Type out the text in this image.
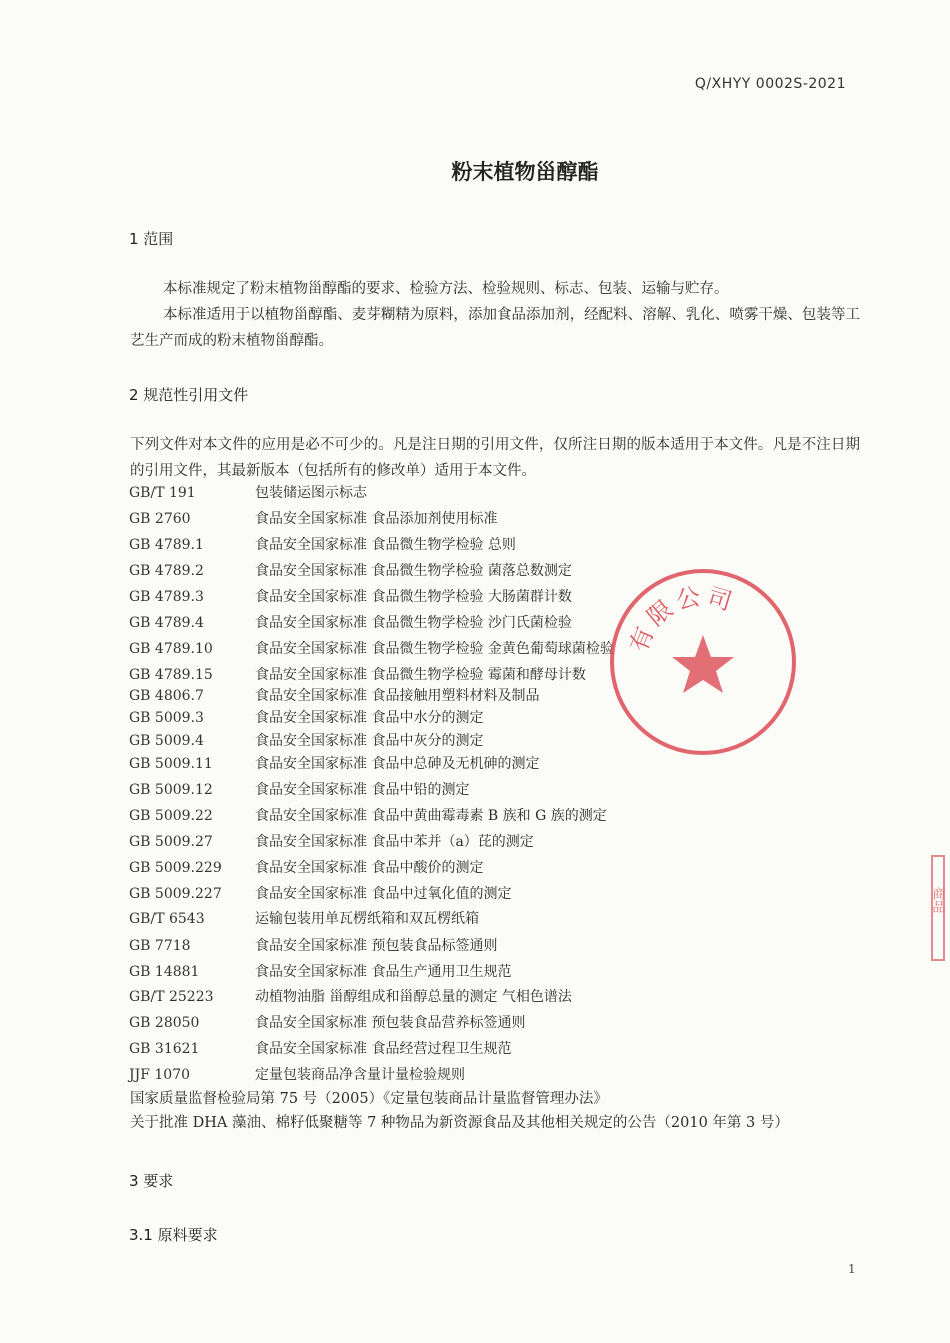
Q/XHYY 0002S-2021
粉末植物甾醇酯
1 范围
本标准规定了粉末植物甾醇酯的要求、检验方法、检验规则、标志、包装、运输与贮存。
本标准适用于以植物甾醇酯、麦芽糊精为原料，添加食品添加剂，经配料、溶解、乳化、喷雾干燥、包装等工艺生产而成的粉末植物甾醇酯。
2 规范性引用文件
下列文件对本文件的应用是必不可少的。凡是注日期的引用文件，仅所注日期的版本适用于本文件。凡是不注日期的引用文件，其最新版本（包括所有的修改单）适用于本文件。
GB/T 191	包装储运图示标志
GB 2760	食品安全国家标准 食品添加剂使用标准
GB 4789.1	食品安全国家标准 食品微生物学检验 总则
GB 4789.2	食品安全国家标准 食品微生物学检验 菌落总数测定
GB 4789.3	食品安全国家标准 食品微生物学检验 大肠菌群计数
GB 4789.4	食品安全国家标准 食品微生物学检验 沙门氏菌检验
GB 4789.10	食品安全国家标准 食品微生物学检验 金黄色葡萄球菌检验
GB 4789.15	食品安全国家标准 食品微生物学检验 霉菌和酵母计数
GB 4806.7	食品安全国家标准 食品接触用塑料材料及制品
GB 5009.3	食品安全国家标准 食品中水分的测定
GB 5009.4	食品安全国家标准 食品中灰分的测定
GB 5009.11	食品安全国家标准 食品中总砷及无机砷的测定
GB 5009.12	食品安全国家标准 食品中铅的测定
GB 5009.22	食品安全国家标准 食品中黄曲霉毒素 B 族和 G 族的测定
GB 5009.27	食品安全国家标准 食品中苯并（a）芘的测定
GB 5009.229 食品安全国家标准 食品中酸价的测定
GB 5009.227 食品安全国家标准 食品中过氧化值的测定
GB/T 6543	运输包装用单瓦楞纸箱和双瓦楞纸箱
GB 7718	食品安全国家标准 预包装食品标签通则
GB 14881	食品安全国家标准 食品生产通用卫生规范
GB/T 25223	动植物油脂 甾醇组成和甾醇总量的测定 气相色谱法
GB 28050	食品安全国家标准 预包装食品营养标签通则
GB 31621	食品安全国家标准 食品经营过程卫生规范
JJF 1070	定量包装商品净含量计量检验规则
国家质量监督检验局第 75 号（2005）《定量包装商品计量监督管理办法》
关于批准 DHA 藻油、棉籽低聚糖等 7 种物品为新资源食品及其他相关规定的公告（2010 年第 3 号）
3 要求
3.1 原料要求
1
有限公司
商品
